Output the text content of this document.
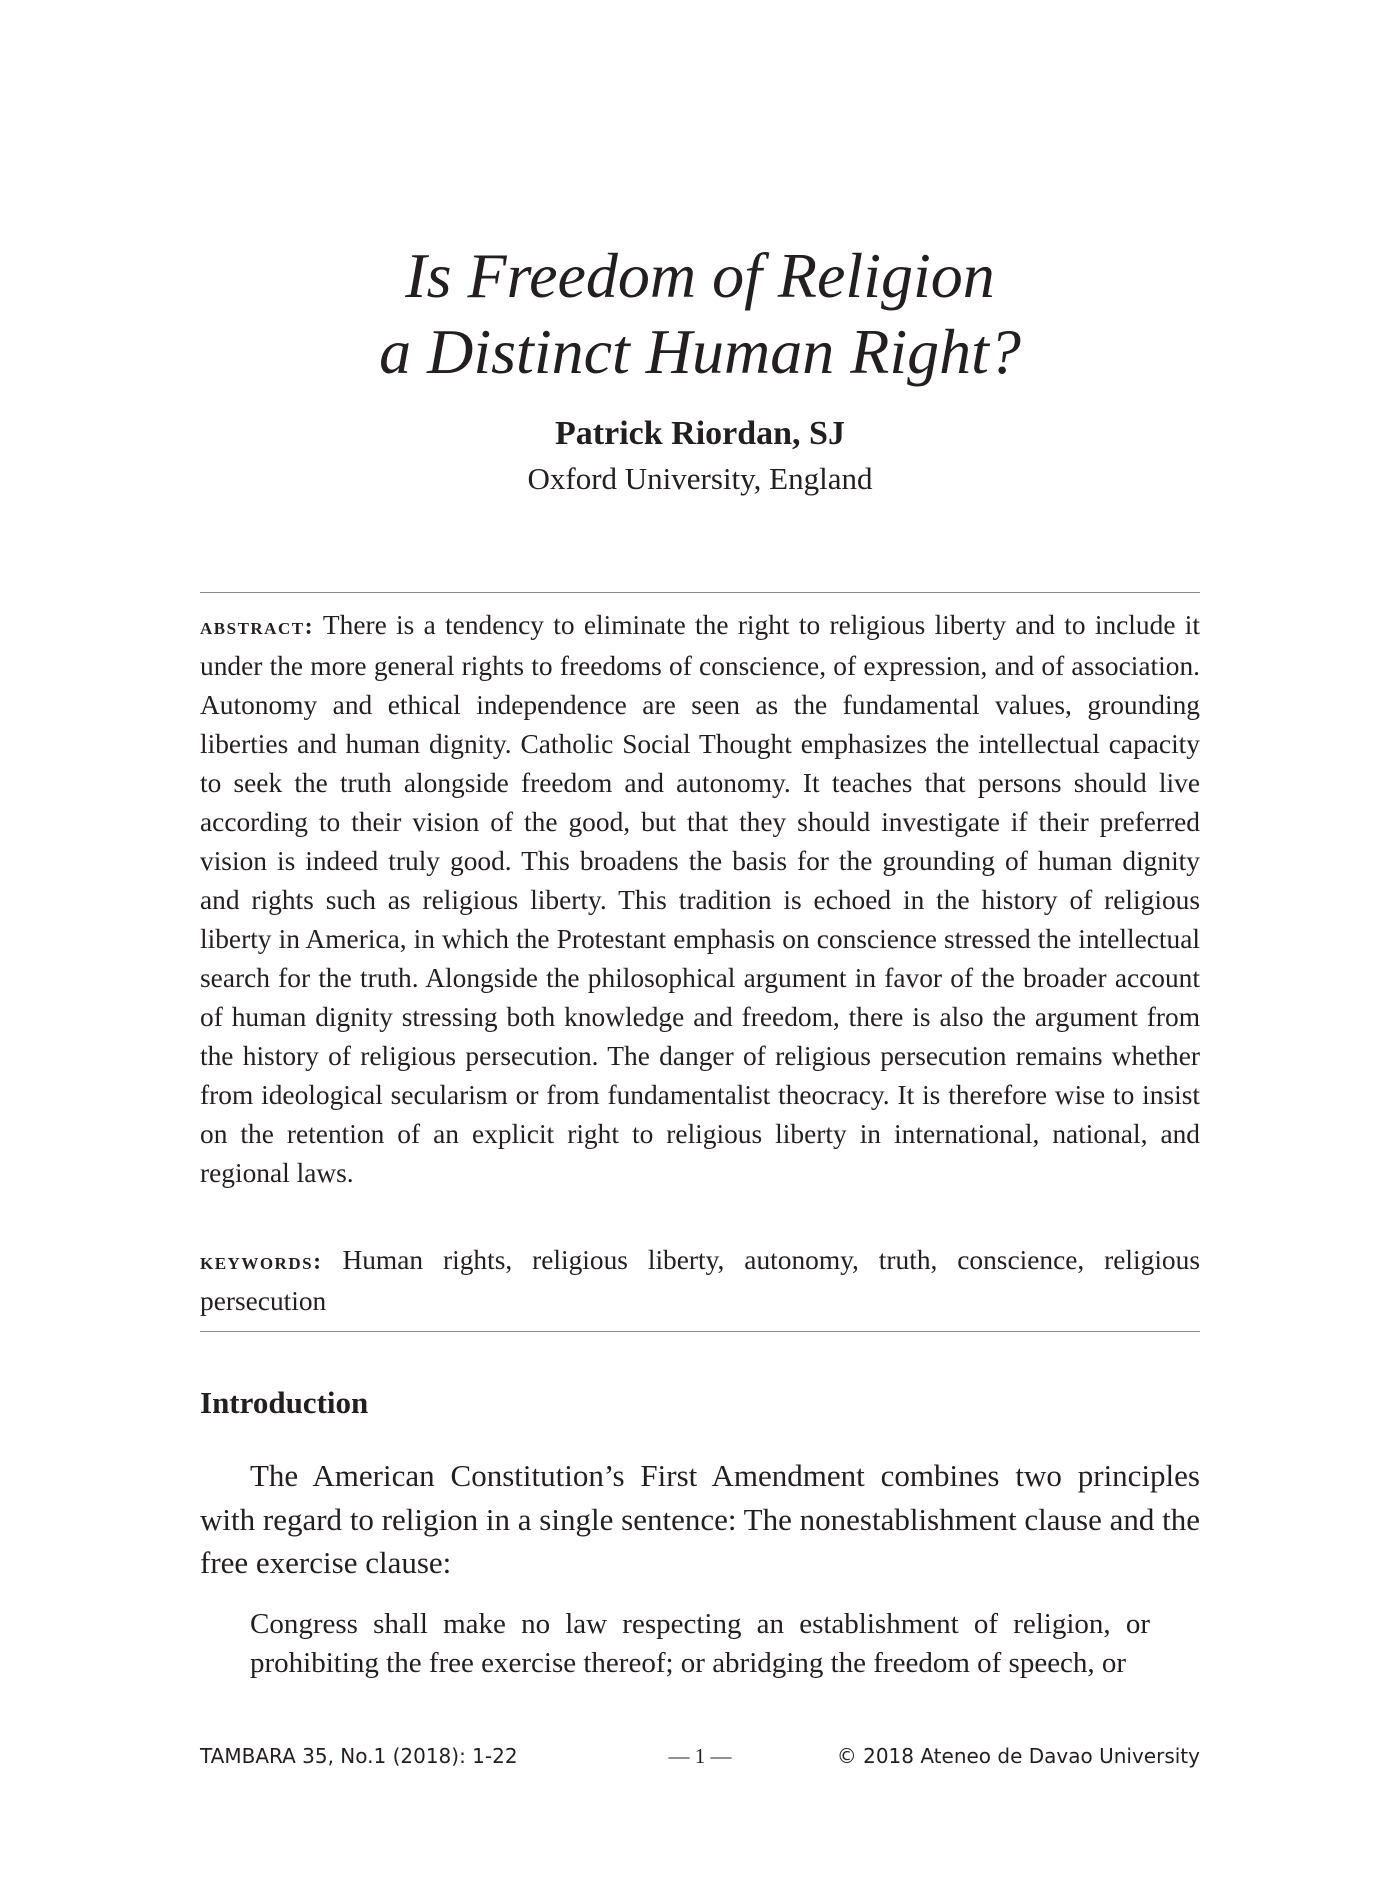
Is Freedom of Religion
a Distinct Human Right?
Patrick Riordan, SJ
Oxford University, England
abstract: There is a tendency to eliminate the right to religious liberty and to include it under the more general rights to freedoms of conscience, of expression, and of association. Autonomy and ethical independence are seen as the fundamental values, grounding liberties and human dignity. Catholic Social Thought emphasizes the intellectual capacity to seek the truth alongside freedom and autonomy. It teaches that persons should live according to their vision of the good, but that they should investigate if their preferred vision is indeed truly good. This broadens the basis for the grounding of human dignity and rights such as religious liberty. This tradition is echoed in the history of religious liberty in America, in which the Protestant emphasis on conscience stressed the intellectual search for the truth. Alongside the philosophical argument in favor of the broader account of human dignity stressing both knowledge and freedom, there is also the argument from the history of religious persecution. The danger of religious persecution remains whether from ideological secularism or from fundamentalist theocracy. It is therefore wise to insist on the retention of an explicit right to religious liberty in international, national, and regional laws.
keywords: Human rights, religious liberty, autonomy, truth, conscience, religious persecution
Introduction

The American Constitution’s First Amendment combines two principles with regard to religion in a single sentence: The nonestablishment clause and the free exercise clause:

Congress shall make no law respecting an establishment of religion, or prohibiting the free exercise thereof; or abridging the freedom of speech, or
TAMBARA 35, No.1 (2018): 1-22	— 1 —	© 2018 Ateneo de Davao University
